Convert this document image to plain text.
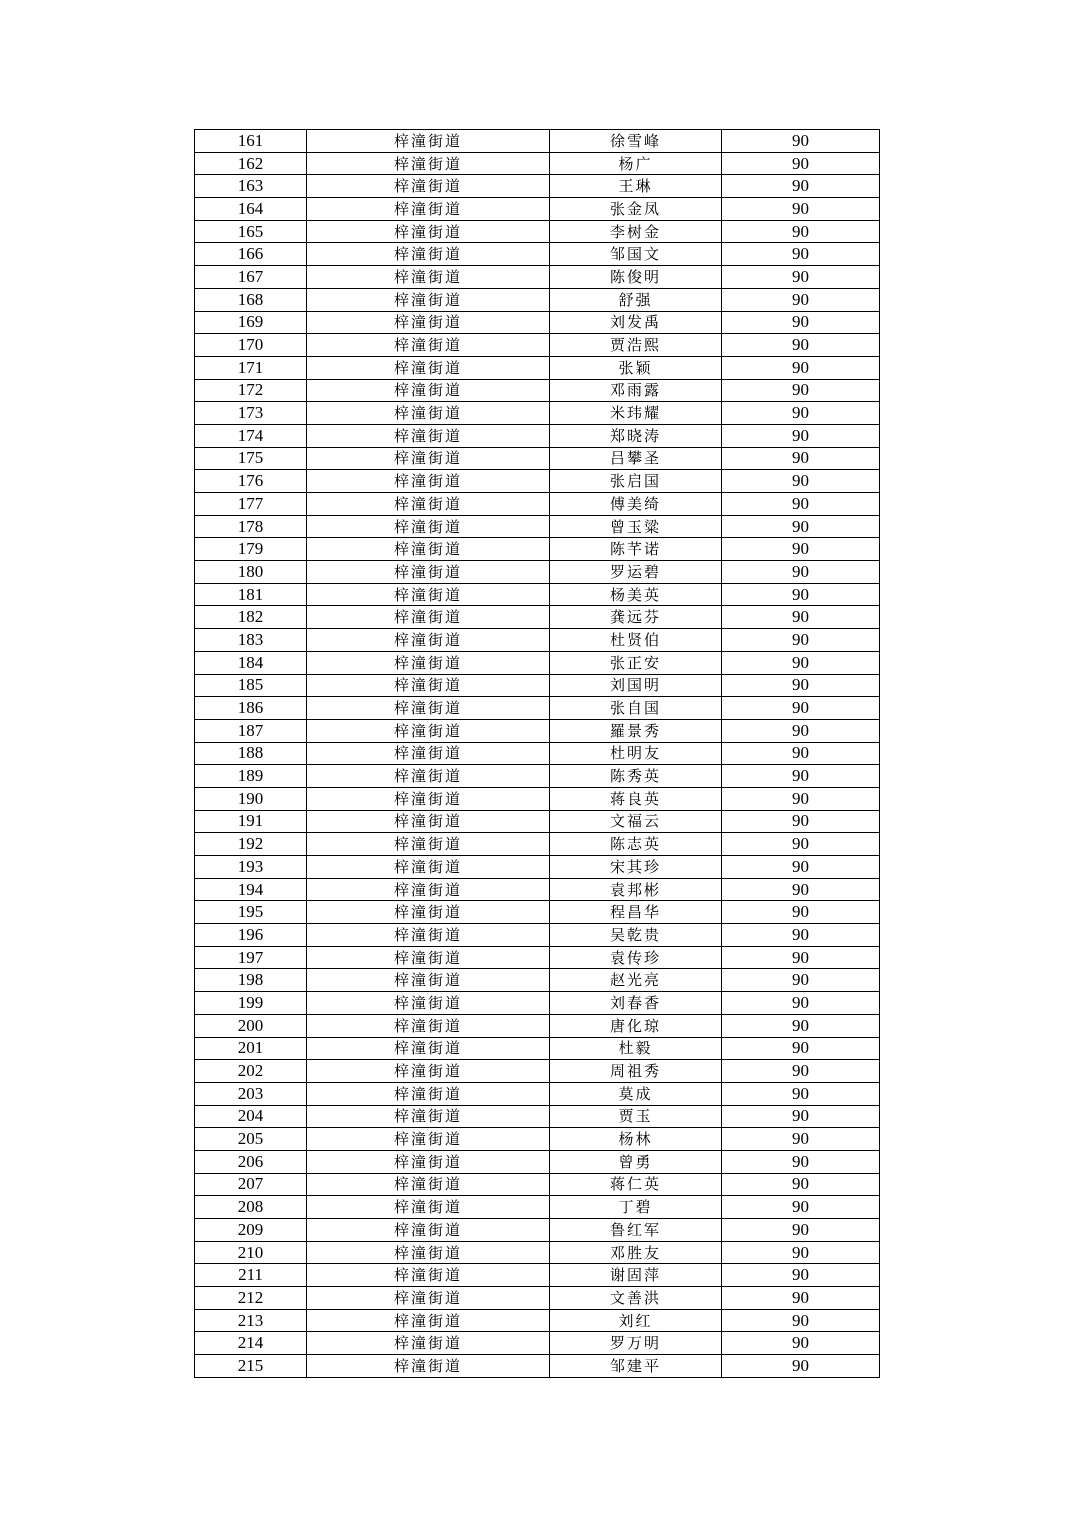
161	梓潼街道	徐雪峰	90
162	梓潼街道	杨广	90
163	梓潼街道	王琳	90
164	梓潼街道	张金凤	90
165	梓潼街道	李树金	90
166	梓潼街道	邹国文	90
167	梓潼街道	陈俊明	90
168	梓潼街道	舒强	90
169	梓潼街道	刘发禹	90
170	梓潼街道	贾浩熙	90
171	梓潼街道	张颖	90
172	梓潼街道	邓雨露	90
173	梓潼街道	米玮耀	90
174	梓潼街道	郑晓涛	90
175	梓潼街道	吕攀圣	90
176	梓潼街道	张启国	90
177	梓潼街道	傅美绮	90
178	梓潼街道	曾玉粱	90
179	梓潼街道	陈芊诺	90
180	梓潼街道	罗运碧	90
181	梓潼街道	杨美英	90
182	梓潼街道	龚远芬	90
183	梓潼街道	杜贤伯	90
184	梓潼街道	张正安	90
185	梓潼街道	刘国明	90
186	梓潼街道	张自国	90
187	梓潼街道	羅景秀	90
188	梓潼街道	杜明友	90
189	梓潼街道	陈秀英	90
190	梓潼街道	蒋良英	90
191	梓潼街道	文福云	90
192	梓潼街道	陈志英	90
193	梓潼街道	宋其珍	90
194	梓潼街道	袁邦彬	90
195	梓潼街道	程昌华	90
196	梓潼街道	吴乾贵	90
197	梓潼街道	袁传珍	90
198	梓潼街道	赵光亮	90
199	梓潼街道	刘春香	90
200	梓潼街道	唐化琼	90
201	梓潼街道	杜毅	90
202	梓潼街道	周祖秀	90
203	梓潼街道	莫成	90
204	梓潼街道	贾玉	90
205	梓潼街道	杨林	90
206	梓潼街道	曾勇	90
207	梓潼街道	蒋仁英	90
208	梓潼街道	丁碧	90
209	梓潼街道	鲁红军	90
210	梓潼街道	邓胜友	90
211	梓潼街道	谢固萍	90
212	梓潼街道	文善洪	90
213	梓潼街道	刘红	90
214	梓潼街道	罗万明	90
215	梓潼街道	邹建平	90
